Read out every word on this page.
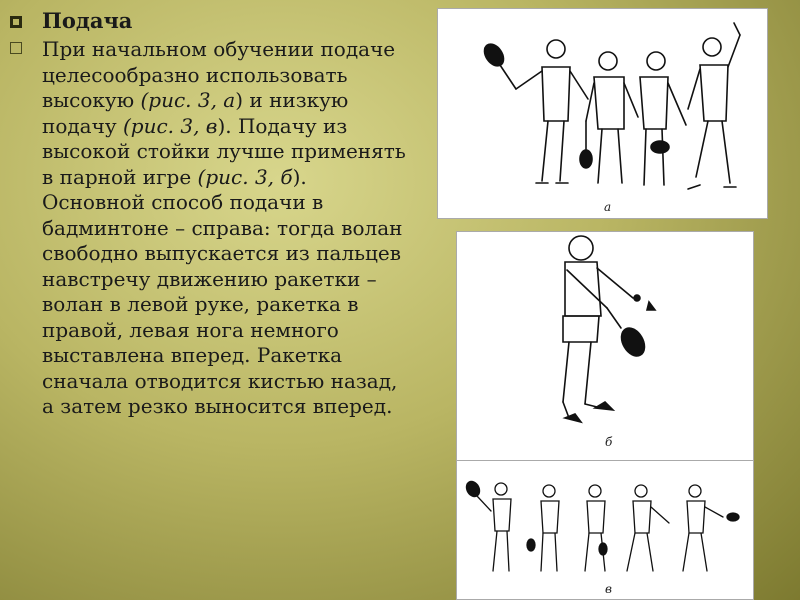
Подача
При начальном обучении подаче целесообразно использовать высокую (рис. 3, а) и низкую подачу (рис. 3, в). Подачу из высокой стойки лучше применять в парной игре (рис. 3, б). Основной способ подачи в бадминтоне – справа: тогда волан свободно выпускается из пальцев навстречу движению ракетки – волан в левой руке, ракетка в правой, левая нога немного выставлена вперед. Ракетка сначала отводится кистью назад, а затем резко выносится вперед.
а
б
в
